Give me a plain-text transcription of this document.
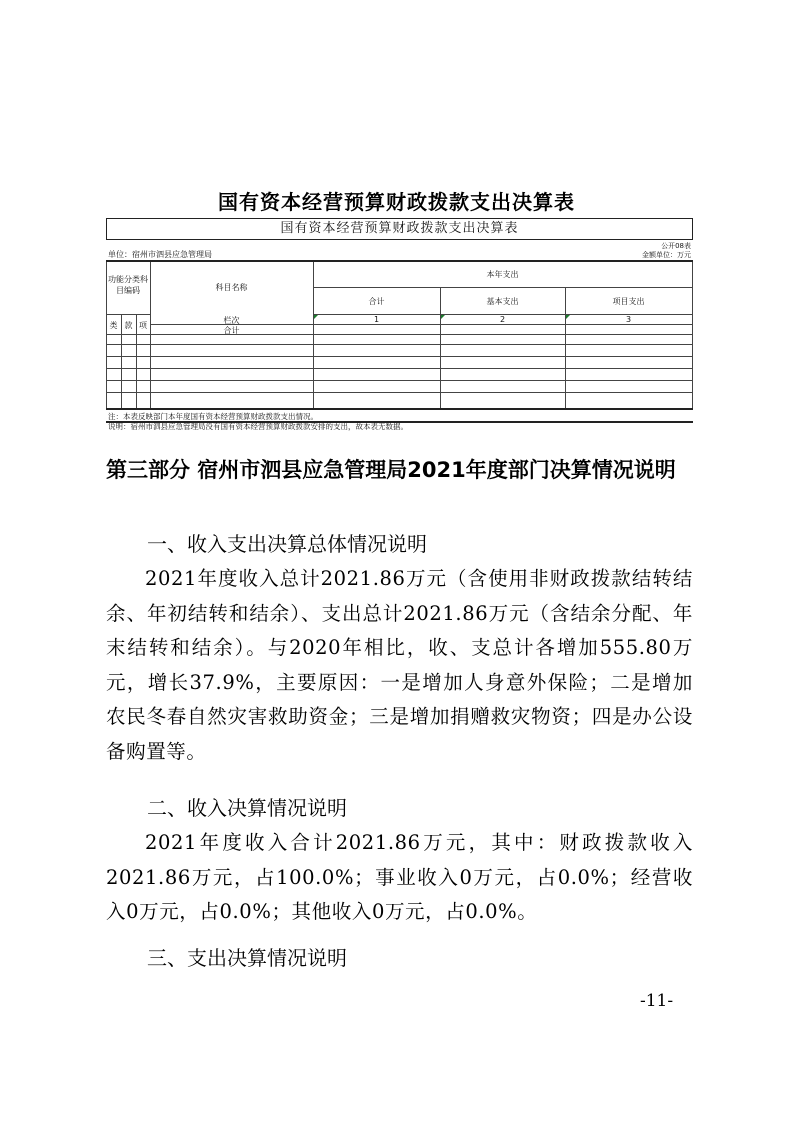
国有资本经营预算财政拨款支出决算表
国有资本经营预算财政拨款支出决算表
公开08表
单位：宿州市泗县应急管理局	金额单位：万元
功能分类科目编码	科目名称
本年支出
合计	基本支出	项目支出
类 款 项
栏次	1	2	3
合计
注：本表反映部门本年度国有资本经营预算财政拨款支出情况。
说明：宿州市泗县应急管理局没有国有资本经营预算财政拨款安排的支出，故本表无数据。
第三部分 宿州市泗县应急管理局2021年度部门决算情况说明
一、收入支出决算总体情况说明
2021年度收入总计2021.86万元（含使用非财政拨款结转结余、年初结转和结余）、支出总计2021.86万元（含结余分配、年末结转和结余）。与2020年相比，收、支总计各增加555.80万元，增长37.9%，主要原因：一是增加人身意外保险；二是增加农民冬春自然灾害救助资金；三是增加捐赠救灾物资；四是办公设备购置等。
二、收入决算情况说明
2021年度收入合计2021.86万元，其中：财政拨款收入2021.86万元，占100.0%；事业收入0万元，占0.0%；经营收入0万元，占0.0%；其他收入0万元，占0.0%。
三、支出决算情况说明
-11-
